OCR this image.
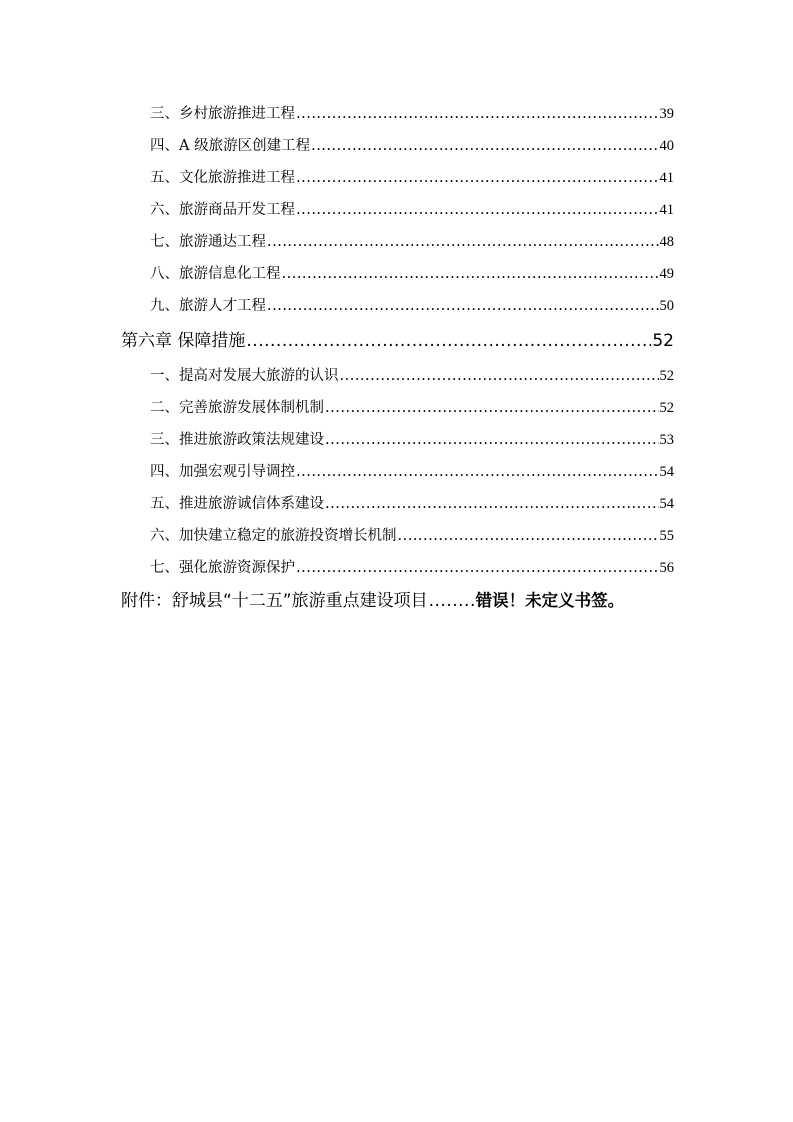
三、乡村旅游推进工程 .....	39
四、A 级旅游区创建工程 .....	40
五、文化旅游推进工程 .....	41
六、旅游商品开发工程 .....	41
七、旅游通达工程 .....	48
八、旅游信息化工程 .....	49
九、旅游人才工程 .....	50
第六章 保障措施 .....	52
一、提高对发展大旅游的认识 .....	52
二、完善旅游发展体制机制 .....	52
三、推进旅游政策法规建设 .....	53
四、加强宏观引导调控 .....	54
五、推进旅游诚信体系建设 .....	54
六、加快建立稳定的旅游投资增长机制 .....	55
七、强化旅游资源保护 .....	56
附件：舒城县“十二五”旅游重点建设项目 .....	错误！未定义书签。
